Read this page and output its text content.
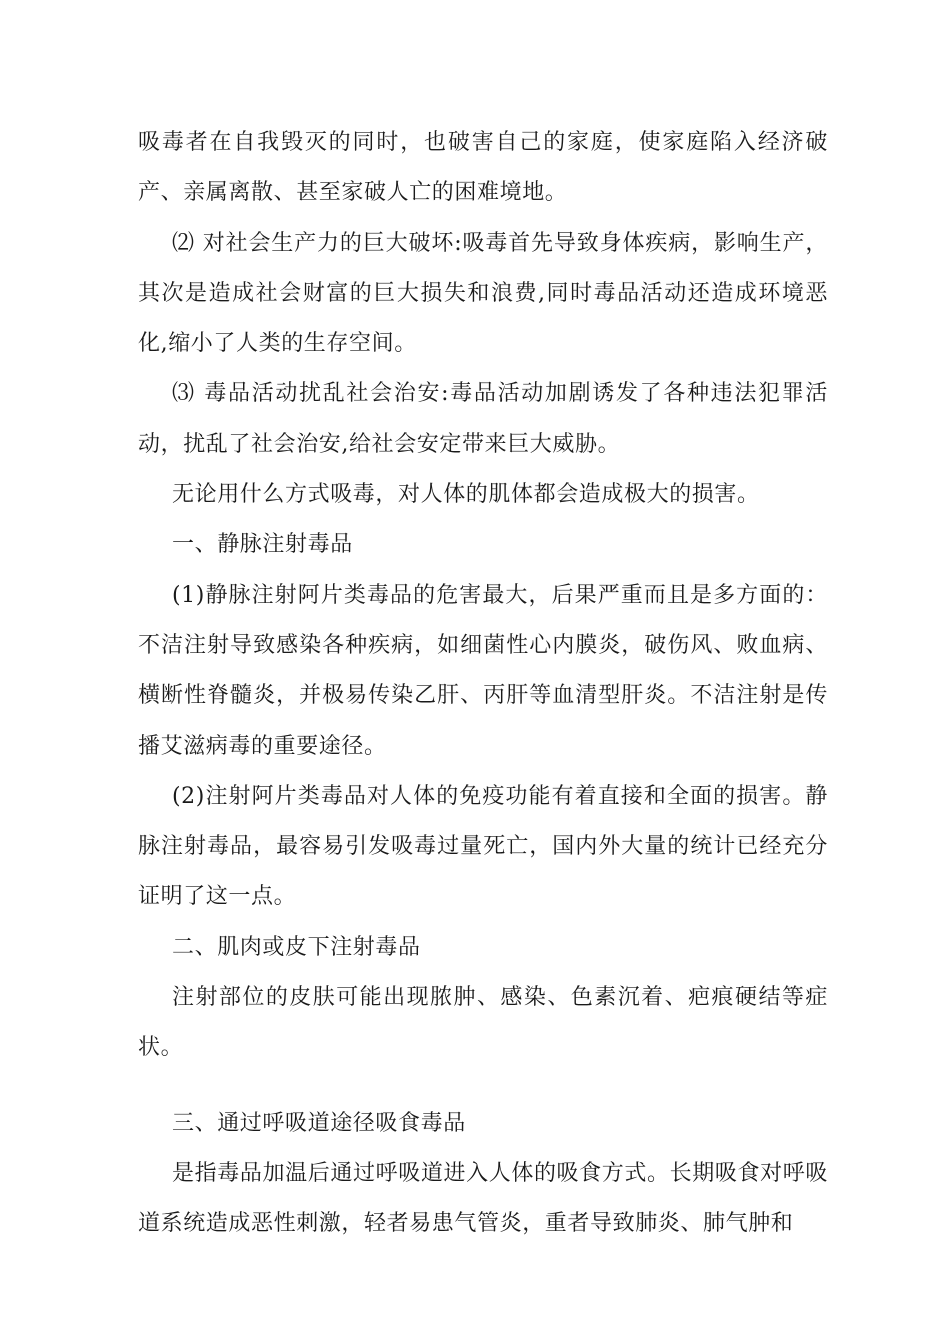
吸毒者在自我毁灭的同时，也破害自己的家庭，使家庭陷入经济破产、亲属离散、甚至家破人亡的困难境地。

⑵ 对社会生产力的巨大破坏:吸毒首先导致身体疾病，影响生产，其次是造成社会财富的巨大损失和浪费,同时毒品活动还造成环境恶化,缩小了人类的生存空间。

⑶ 毒品活动扰乱社会治安:毒品活动加剧诱发了各种违法犯罪活动，扰乱了社会治安,给社会安定带来巨大威胁。

无论用什么方式吸毒，对人体的肌体都会造成极大的损害。

一、静脉注射毒品

(1)静脉注射阿片类毒品的危害最大，后果严重而且是多方面的：不洁注射导致感染各种疾病，如细菌性心内膜炎，破伤风、败血病、横断性脊髓炎，并极易传染乙肝、丙肝等血清型肝炎。不洁注射是传播艾滋病毒的重要途径。

(2)注射阿片类毒品对人体的免疫功能有着直接和全面的损害。静脉注射毒品，最容易引发吸毒过量死亡，国内外大量的统计已经充分证明了这一点。

二、肌肉或皮下注射毒品

注射部位的皮肤可能出现脓肿、感染、色素沉着、疤痕硬结等症状。

三、通过呼吸道途径吸食毒品

是指毒品加温后通过呼吸道进入人体的吸食方式。长期吸食对呼吸道系统造成恶性刺激，轻者易患气管炎，重者导致肺炎、肺气肿和
